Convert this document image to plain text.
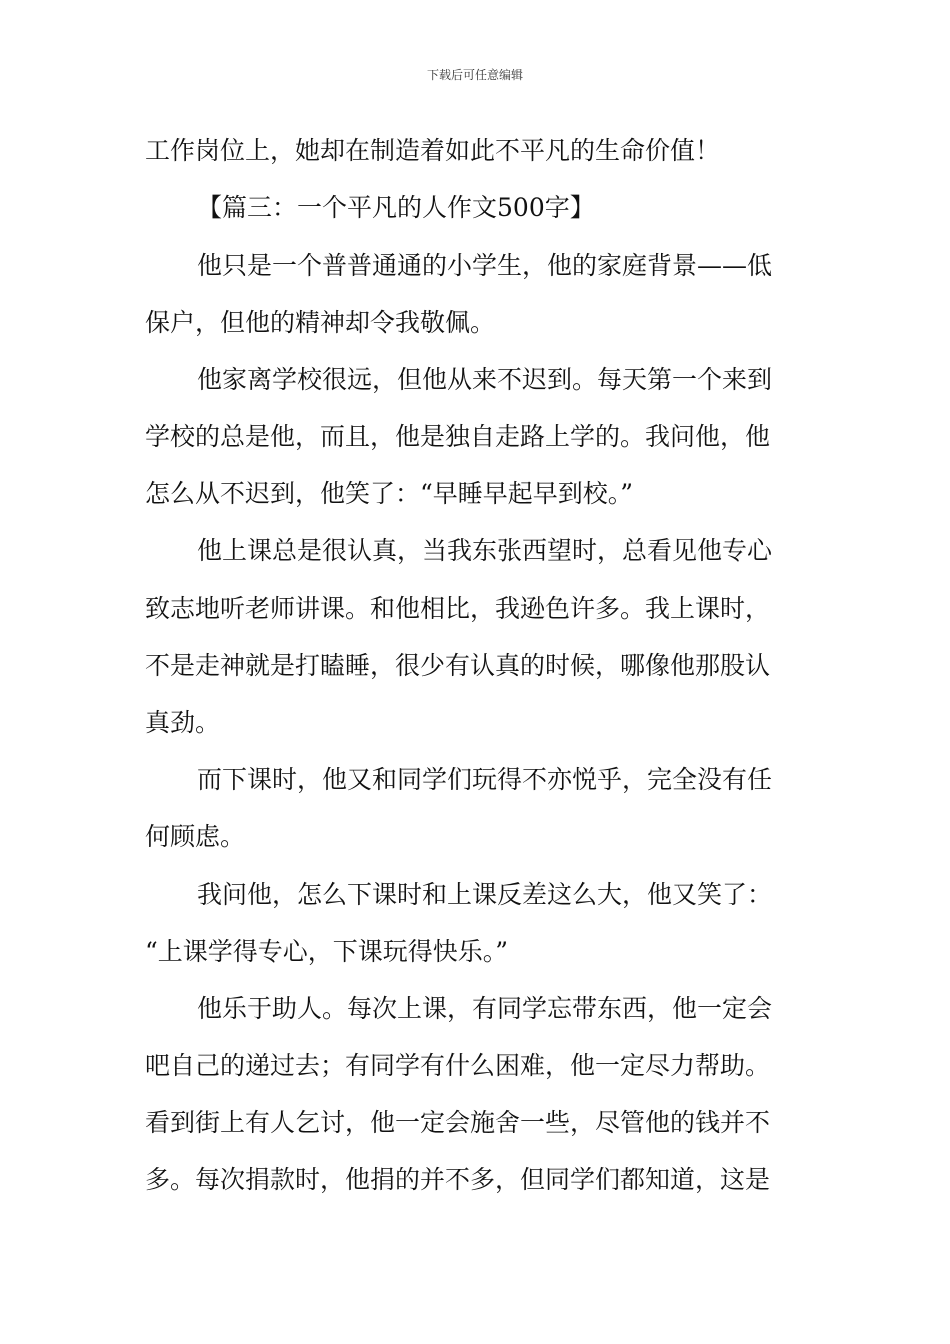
下载后可任意编辑
工作岗位上，她却在制造着如此不平凡的生命价值！
【篇三：一个平凡的人作文500字】
他只是一个普普通通的小学生，他的家庭背景——低
保户，但他的精神却令我敬佩。
他家离学校很远，但他从来不迟到。每天第一个来到
学校的总是他，而且，他是独自走路上学的。我问他，他
怎么从不迟到，他笑了：“早睡早起早到校。”
他上课总是很认真，当我东张西望时，总看见他专心
致志地听老师讲课。和他相比，我逊色许多。我上课时，
不是走神就是打瞌睡，很少有认真的时候，哪像他那股认
真劲。
而下课时，他又和同学们玩得不亦悦乎，完全没有任
何顾虑。
我问他，怎么下课时和上课反差这么大，他又笑了：
“上课学得专心，下课玩得快乐。”
他乐于助人。每次上课，有同学忘带东西，他一定会
吧自己的递过去；有同学有什么困难，他一定尽力帮助。
看到街上有人乞讨，他一定会施舍一些，尽管他的钱并不
多。每次捐款时，他捐的并不多，但同学们都知道，这是
